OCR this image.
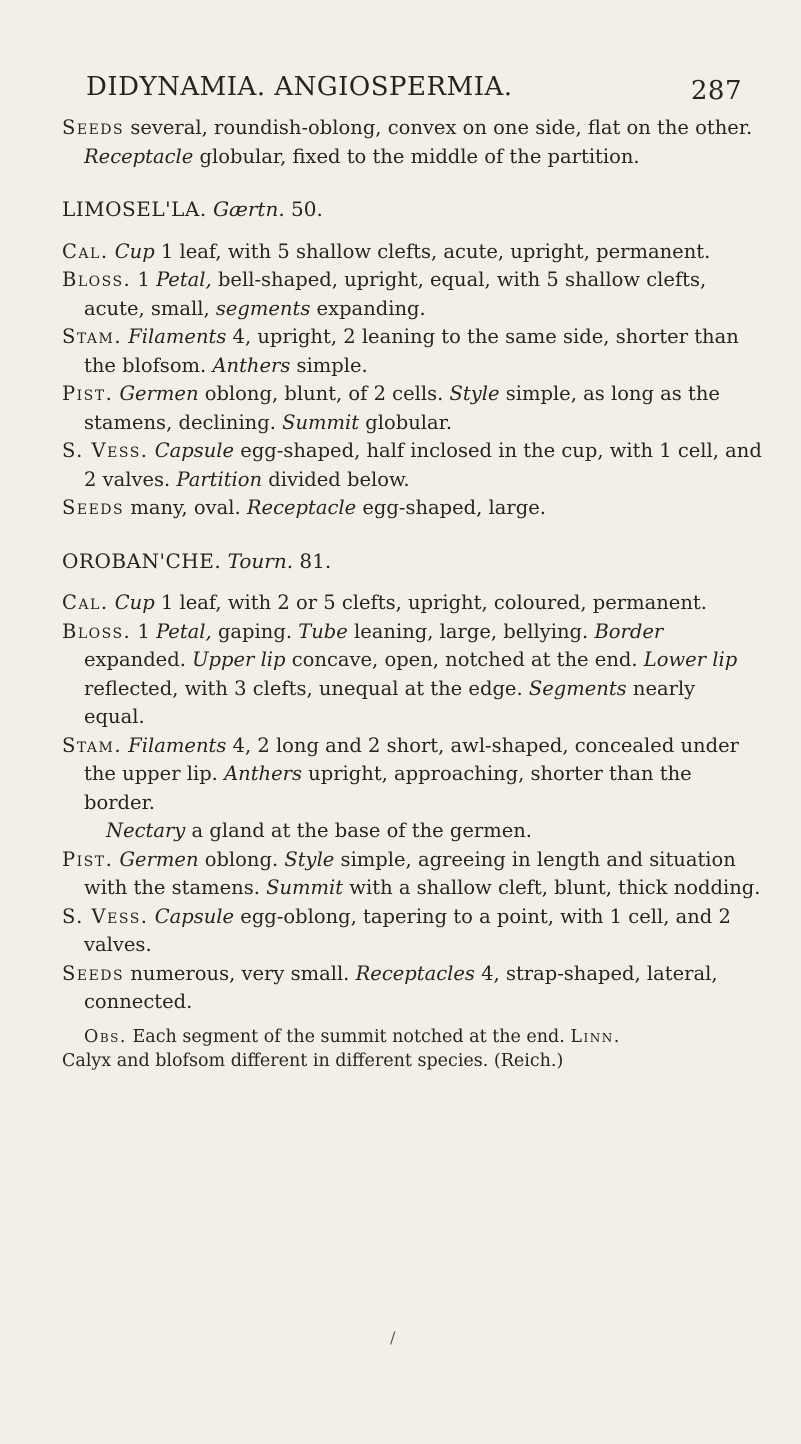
DIDYNAMIA. ANGIOSPERMIA.	287

Seeds several, roundish-oblong, convex on one side, flat on the other. Receptacle globular, fixed to the middle of the partition.

LIMOSEL'LA. Gærtn. 50.

Cal. Cup 1 leaf, with 5 shallow clefts, acute, upright, permanent.

Bloss. 1 Petal, bell-shaped, upright, equal, with 5 shallow clefts, acute, small, segments expanding.

Stam. Filaments 4, upright, 2 leaning to the same side, shorter than the blofsom. Anthers simple.

Pist. Germen oblong, blunt, of 2 cells. Style simple, as long as the stamens, declining. Summit globular.

S. Vess. Capsule egg-shaped, half inclosed in the cup, with 1 cell, and 2 valves. Partition divided below.

Seeds many, oval. Receptacle egg-shaped, large.

OROBAN'CHE. Tourn. 81.

Cal. Cup 1 leaf, with 2 or 5 clefts, upright, coloured, permanent.

Bloss. 1 Petal, gaping. Tube leaning, large, bellying. Border expanded. Upper lip concave, open, notched at the end. Lower lip reflected, with 3 clefts, unequal at the edge. Segments nearly equal.

Stam. Filaments 4, 2 long and 2 short, awl-shaped, concealed under the upper lip. Anthers upright, approaching, shorter than the border.
Nectary a gland at the base of the germen.

Pist. Germen oblong. Style simple, agreeing in length and situation with the stamens. Summit with a shallow cleft, blunt, thick nodding.

S. Vess. Capsule egg-oblong, tapering to a point, with 1 cell, and 2 valves.

Seeds numerous, very small. Receptacles 4, strap-shaped, lateral, connected.

Obs. Each segment of the summit notched at the end. Linn.

Calyx and blofsom different in different species. (Reich.)

/
